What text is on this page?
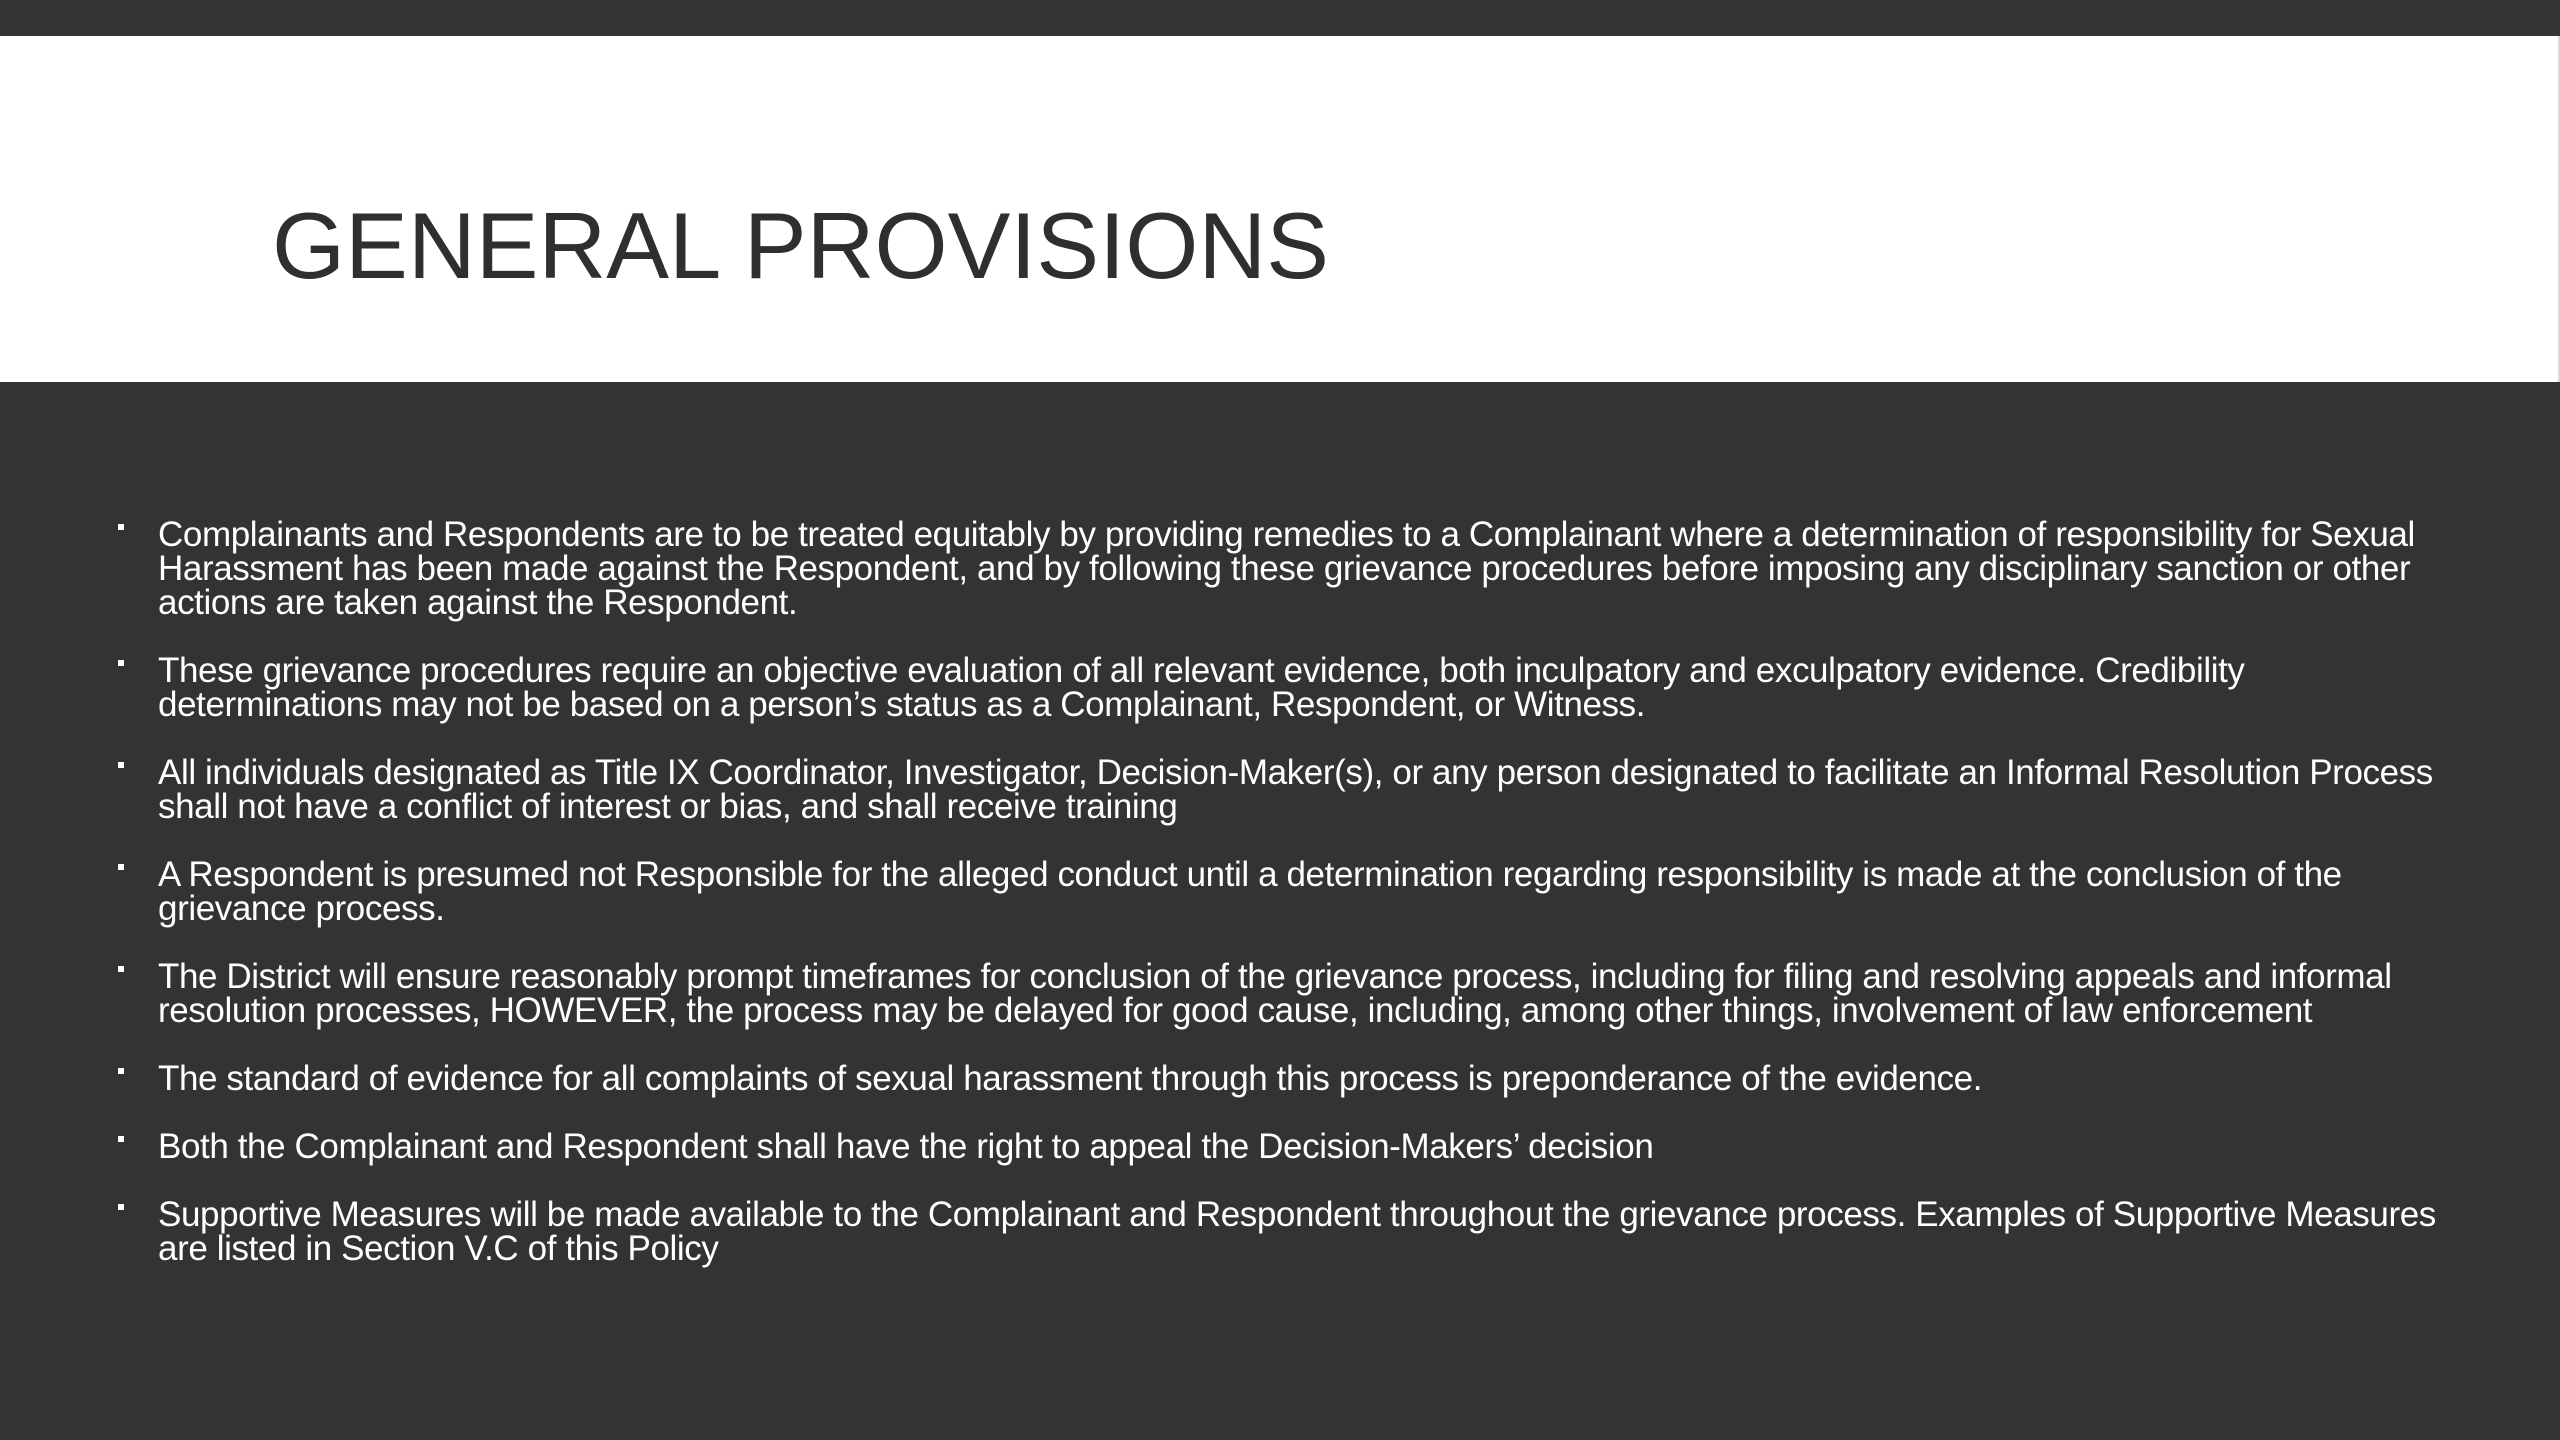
GENERAL PROVISIONS
Complainants and Respondents are to be treated equitably by providing remedies to a Complainant where a determination of responsibility for Sexual Harassment has been made against the Respondent, and by following these grievance procedures before imposing any disciplinary sanction or other actions are taken against the Respondent.
These grievance procedures require an objective evaluation of all relevant evidence, both inculpatory and exculpatory evidence. Credibility determinations may not be based on a person’s status as a Complainant, Respondent, or Witness.
All individuals designated as Title IX Coordinator, Investigator, Decision-Maker(s), or any person designated to facilitate an Informal Resolution Process shall not have a conflict of interest or bias, and shall receive training
A Respondent is presumed not Responsible for the alleged conduct until a determination regarding responsibility is made at the conclusion of the grievance process.
The District will ensure reasonably prompt timeframes for conclusion of the grievance process, including for filing and resolving appeals and informal resolution processes, HOWEVER, the process may be delayed for good cause, including, among other things, involvement of law enforcement
The standard of evidence for all complaints of sexual harassment through this process is preponderance of the evidence.
Both the Complainant and Respondent shall have the right to appeal the Decision-Makers’ decision
Supportive Measures will be made available to the Complainant and Respondent throughout the grievance process. Examples of Supportive Measures are listed in Section V.C of this Policy
